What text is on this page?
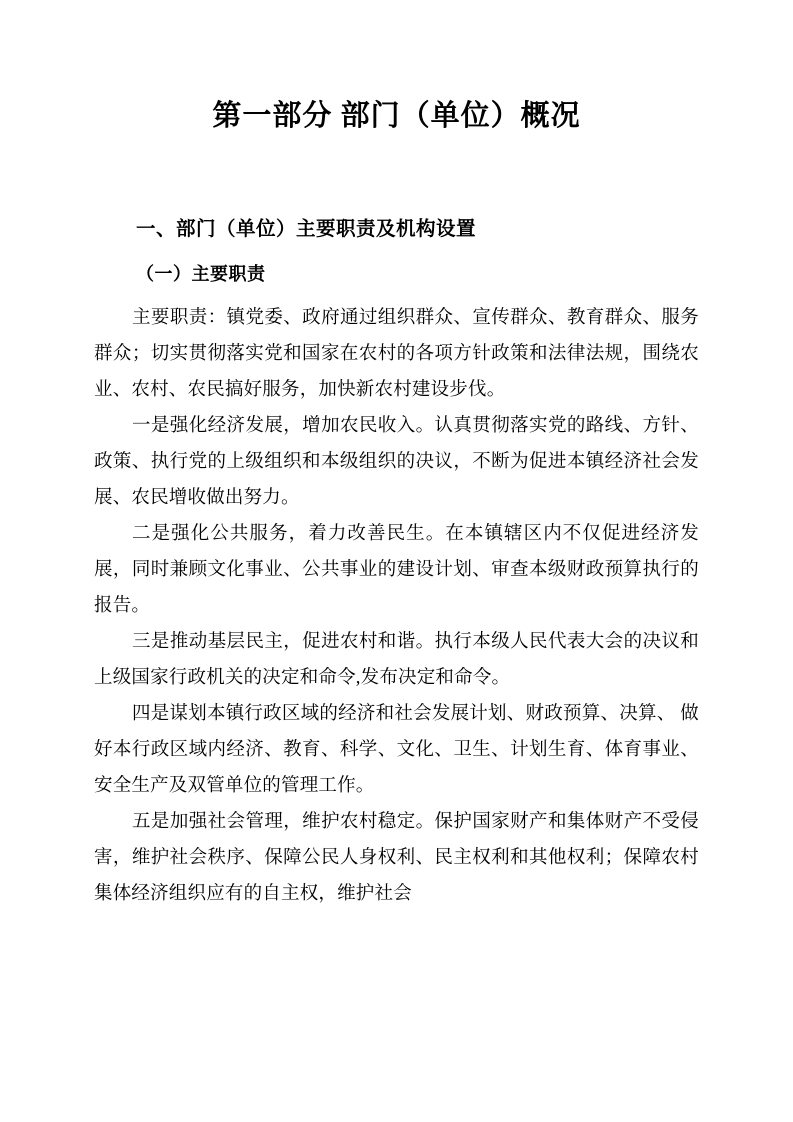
第一部分 部门（单位）概况
一、部门（单位）主要职责及机构设置
（一）主要职责

主要职责：镇党委、政府通过组织群众、宣传群众、教育群众、服务群众；切实贯彻落实党和国家在农村的各项方针政策和法律法规，围绕农业、农村、农民搞好服务，加快新农村建设步伐。

一是强化经济发展，增加农民收入。认真贯彻落实党的路线、方针、政策、执行党的上级组织和本级组织的决议，不断为促进本镇经济社会发展、农民增收做出努力。

二是强化公共服务，着力改善民生。在本镇辖区内不仅促进经济发展，同时兼顾文化事业、公共事业的建设计划、审查本级财政预算执行的报告。

三是推动基层民主，促进农村和谐。执行本级人民代表大会的决议和上级国家行政机关的决定和命令,发布决定和命令。

四是谋划本镇行政区域的经济和社会发展计划、财政预算、决算、 做好本行政区域内经济、教育、科学、文化、卫生、计划生育、体育事业、安全生产及双管单位的管理工作。

五是加强社会管理，维护农村稳定。保护国家财产和集体财产不受侵害，维护社会秩序、保障公民人身权利、民主权利和其他权利；保障农村集体经济组织应有的自主权，维护社会
